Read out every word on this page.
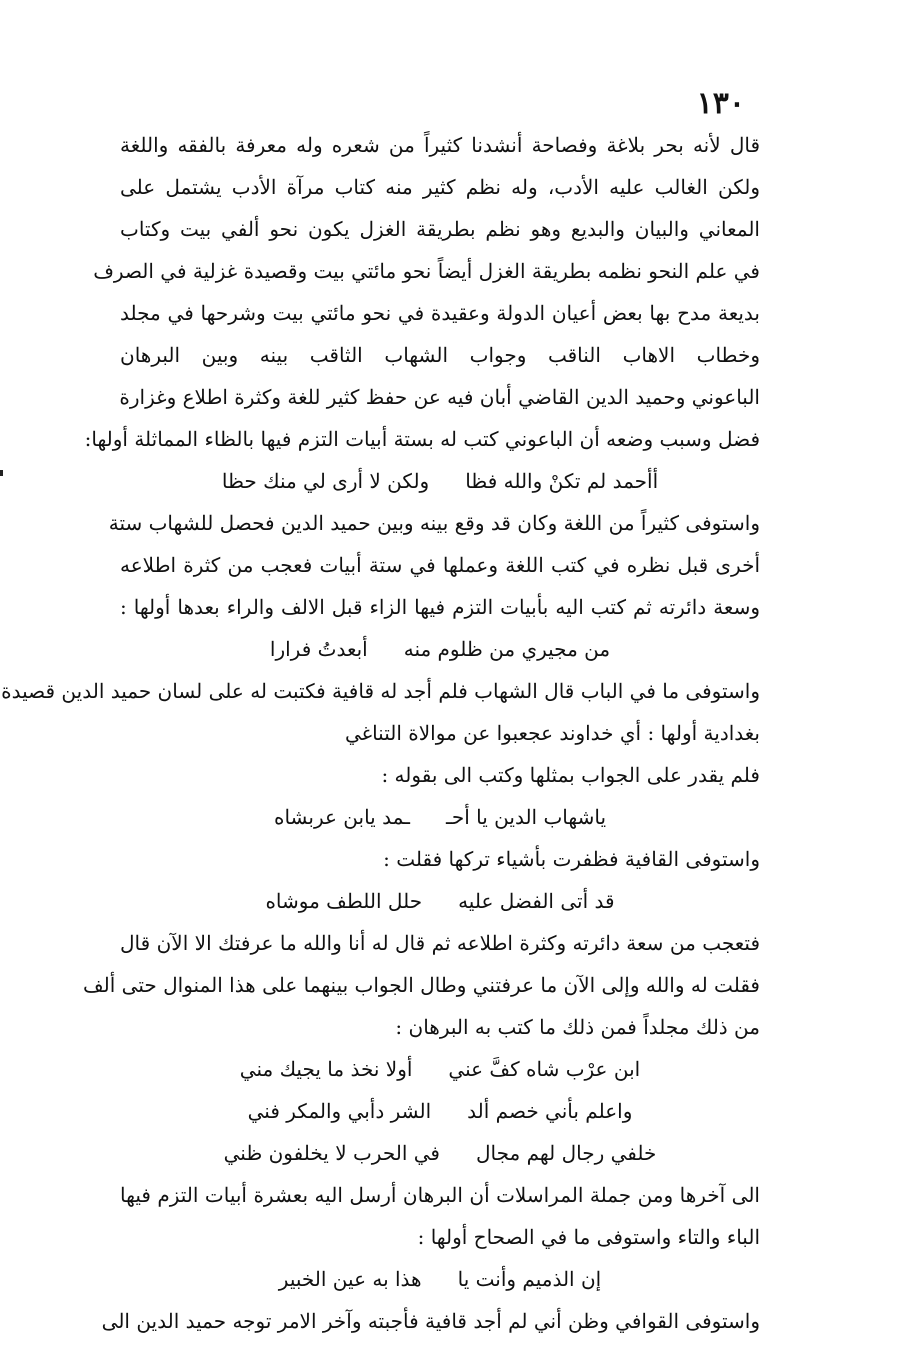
١٣٠
قال لأنه بحر بلاغة وفصاحة أنشدنا كثيراً من شعره وله معرفة بالفقه واللغة
ولكن الغالب عليه الأدب، وله نظم كثير منه كتاب مرآة الأدب يشتمل على
المعاني والبيان والبديع وهو نظم بطريقة الغزل يكون نحو ألفي بيت وكتاب
في علم النحو نظمه بطريقة الغزل أيضاً نحو مائتي بيت وقصيدة غزلية في الصرف
بديعة مدح بها بعض أعيان الدولة وعقيدة في نحو مائتي بيت وشرحها في مجلد
وخطاب الاهاب الناقب وجواب الشهاب الثاقب بينه وبين البرهان
الباعوني وحميد الدين القاضي أبان فيه عن حفظ كثير للغة وكثرة اطلاع وغزارة
فضل وسبب وضعه أن الباعوني كتب له بستة أبيات التزم فيها بالظاء المماثلة أولها:
أأحمد لم تكنْ والله فظا
ولكن لا أرى لي منك حظا
واستوفى كثيراً من اللغة وكان قد وقع بينه وبين حميد الدين فحصل للشهاب ستة
أخرى قبل نظره في كتب اللغة وعملها في ستة أبيات فعجب من كثرة اطلاعه
وسعة دائرته ثم كتب اليه بأبيات التزم فيها الزاء قبل الالف والراء بعدها أولها :
من مجيري من ظلوم منه
أبعدتُ فرارا
واستوفى ما في الباب قال الشهاب فلم أجد له قافية فكتبت له على لسان حميد الدين قصيدة
بغدادية أولها : أي خداوند عجعبوا عن موالاة التناغي
فلم يقدر على الجواب بمثلها وكتب الى بقوله :
ياشهاب الدين يا أحـ
ـمد يابن عربشاه
واستوفى القافية فظفرت بأشياء تركها فقلت :
قد أتى الفضل عليه
حلل اللطف موشاه
فتعجب من سعة دائرته وكثرة اطلاعه ثم قال له أنا والله ما عرفتك الا الآن قال
فقلت له والله وإلى الآن ما عرفتني وطال الجواب بينهما على هذا المنوال حتى ألف
من ذلك مجلداً فمن ذلك ما كتب به البرهان :
ابن عرْب شاه كفَّ عني
أولا نخذ ما يجيك مني
واعلم بأني خصم ألد
الشر دأبي والمكر فني
خلفي رجال لهم مجال
في الحرب لا يخلفون ظني
الى آخرها ومن جملة المراسلات أن البرهان أرسل اليه بعشرة أبيات التزم فيها
الباء والتاء واستوفى ما في الصحاح أولها :
إن الذميم وأنت يا
هذا به عين الخبير
واستوفى القوافي وظن أني لم أجد قافية فأجبته وآخر الامر توجه حميد الدين الى
